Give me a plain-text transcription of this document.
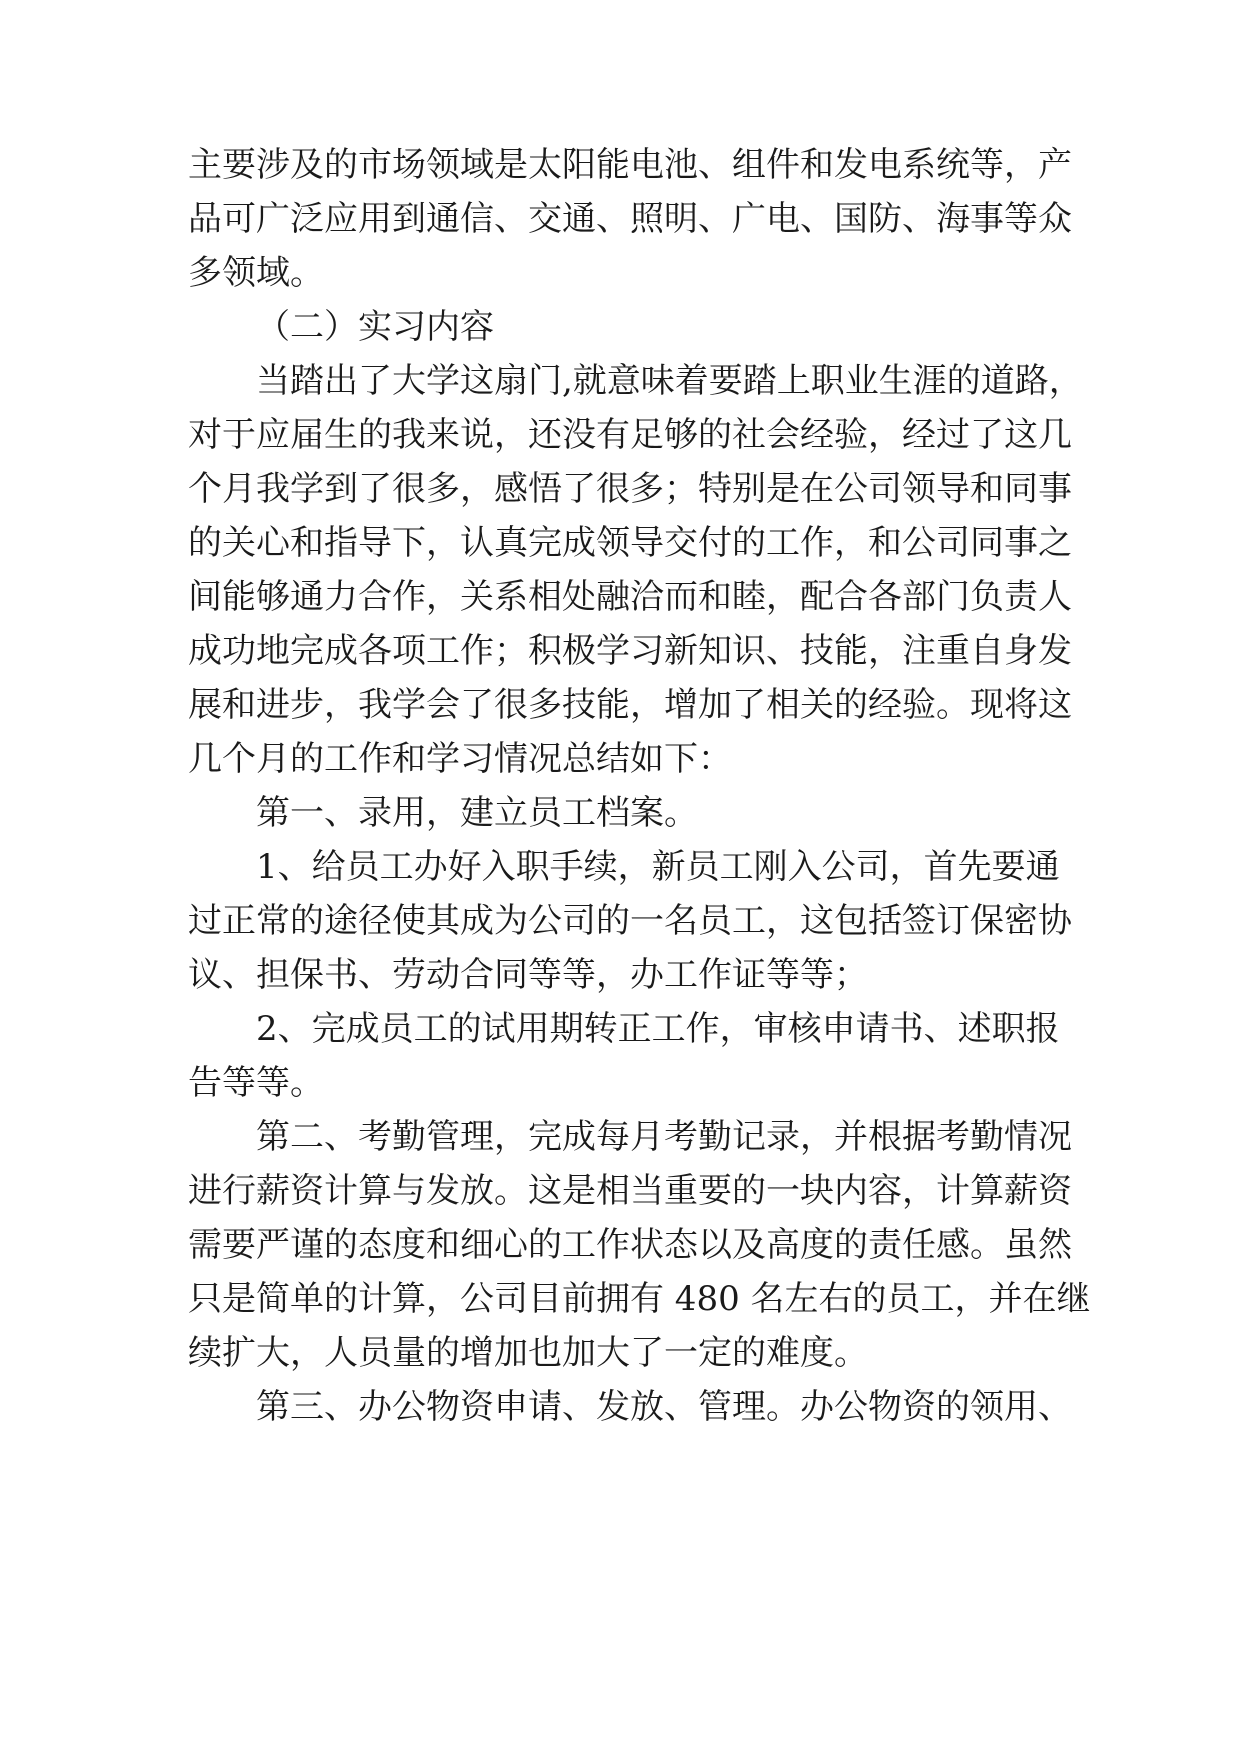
主要涉及的市场领域是太阳能电池、组件和发电系统等，产
品可广泛应用到通信、交通、照明、广电、国防、海事等众
多领域。
（二）实习内容
当踏出了大学这扇门,就意味着要踏上职业生涯的道路，
对于应届生的我来说，还没有足够的社会经验，经过了这几
个月我学到了很多，感悟了很多；特别是在公司领导和同事
的关心和指导下，认真完成领导交付的工作，和公司同事之
间能够通力合作，关系相处融洽而和睦，配合各部门负责人
成功地完成各项工作；积极学习新知识、技能，注重自身发
展和进步，我学会了很多技能，增加了相关的经验。现将这
几个月的工作和学习情况总结如下：
第一、录用，建立员工档案。
1、给员工办好入职手续，新员工刚入公司，首先要通
过正常的途径使其成为公司的一名员工，这包括签订保密协
议、担保书、劳动合同等等，办工作证等等；
2、完成员工的试用期转正工作，审核申请书、述职报
告等等。
第二、考勤管理，完成每月考勤记录，并根据考勤情况
进行薪资计算与发放。这是相当重要的一块内容，计算薪资
需要严谨的态度和细心的工作状态以及高度的责任感。虽然
只是简单的计算，公司目前拥有 480 名左右的员工，并在继
续扩大，人员量的增加也加大了一定的难度。
第三、办公物资申请、发放、管理。办公物资的领用、
